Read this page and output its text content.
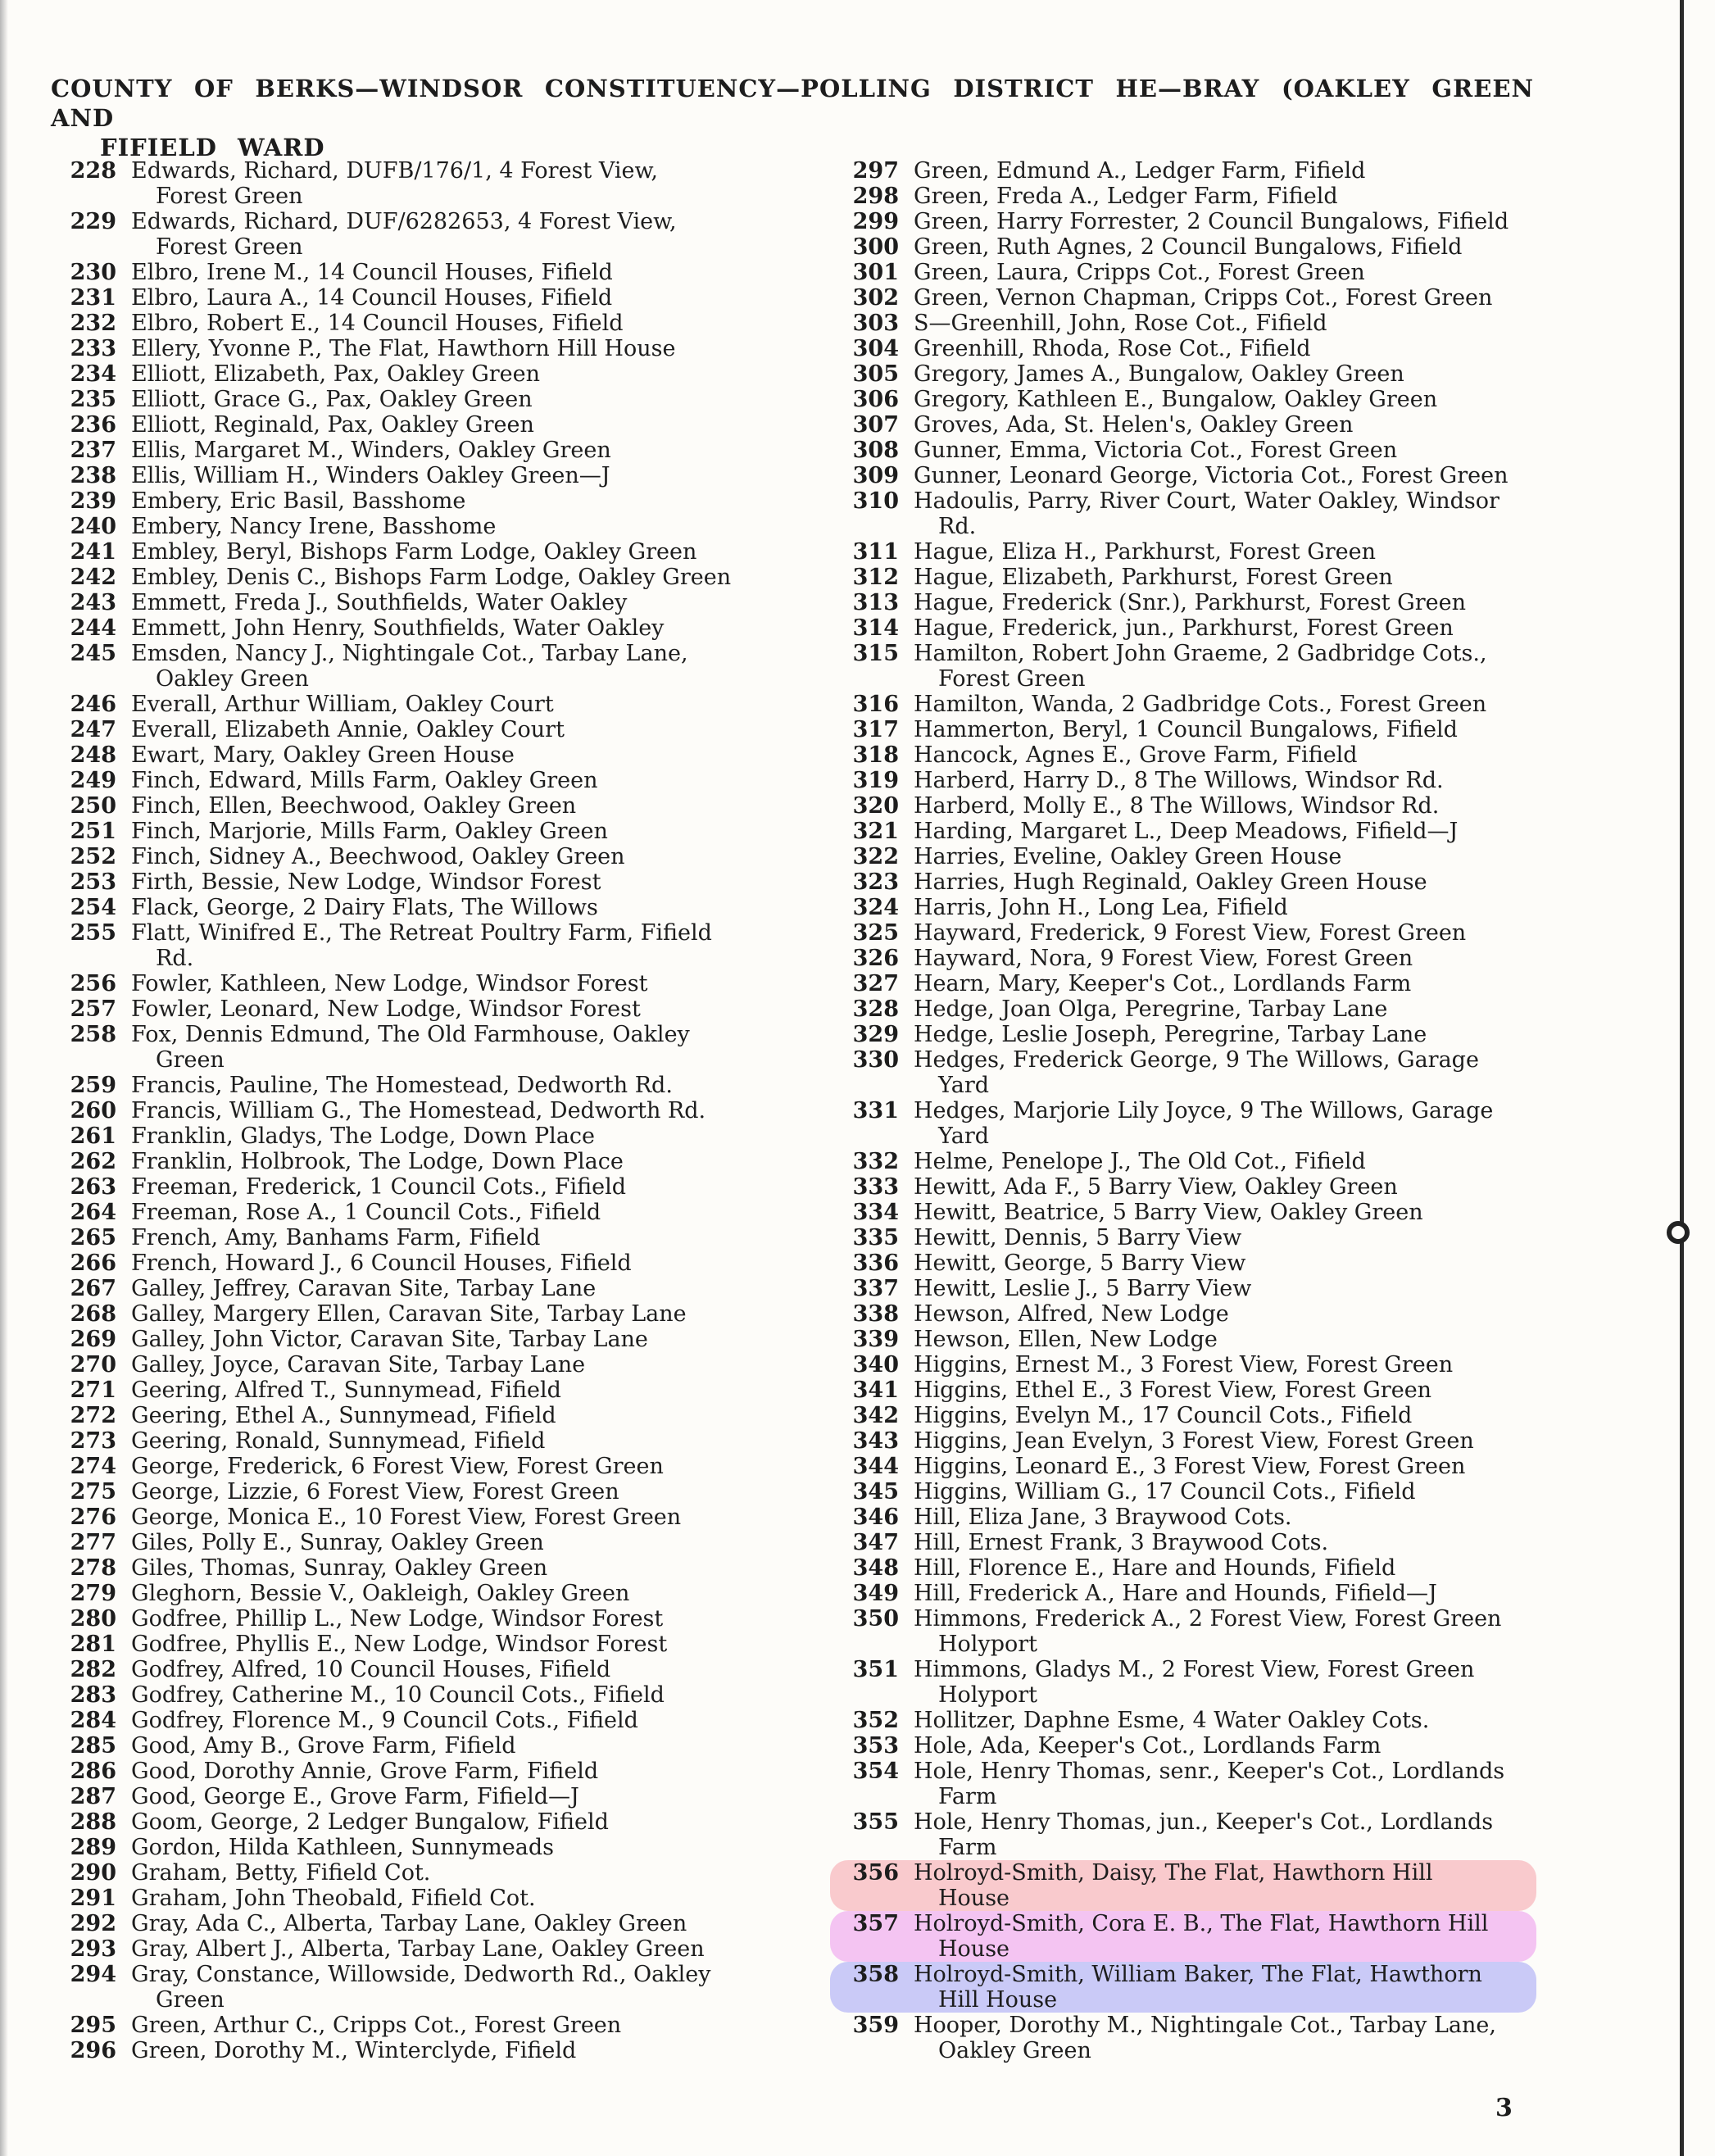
COUNTY OF BERKS—WINDSOR CONSTITUENCY—POLLING DISTRICT HE—BRAY (OAKLEY GREEN AND
FIFIELD WARD
228 Edwards, Richard, DUFB/176/1, 4 Forest View,
Forest Green
229 Edwards, Richard, DUF/6282653, 4 Forest View,
Forest Green
230 Elbro, Irene M., 14 Council Houses, Fifield
231 Elbro, Laura A., 14 Council Houses, Fifield
232 Elbro, Robert E., 14 Council Houses, Fifield
233 Ellery, Yvonne P., The Flat, Hawthorn Hill House
234 Elliott, Elizabeth, Pax, Oakley Green
235 Elliott, Grace G., Pax, Oakley Green
236 Elliott, Reginald, Pax, Oakley Green
237 Ellis, Margaret M., Winders, Oakley Green
238 Ellis, William H., Winders Oakley Green—J
239 Embery, Eric Basil, Basshome
240 Embery, Nancy Irene, Basshome
241 Embley, Beryl, Bishops Farm Lodge, Oakley Green
242 Embley, Denis C., Bishops Farm Lodge, Oakley Green
243 Emmett, Freda J., Southfields, Water Oakley
244 Emmett, John Henry, Southfields, Water Oakley
245 Emsden, Nancy J., Nightingale Cot., Tarbay Lane,
Oakley Green
246 Everall, Arthur William, Oakley Court
247 Everall, Elizabeth Annie, Oakley Court
248 Ewart, Mary, Oakley Green House
249 Finch, Edward, Mills Farm, Oakley Green
250 Finch, Ellen, Beechwood, Oakley Green
251 Finch, Marjorie, Mills Farm, Oakley Green
252 Finch, Sidney A., Beechwood, Oakley Green
253 Firth, Bessie, New Lodge, Windsor Forest
254 Flack, George, 2 Dairy Flats, The Willows
255 Flatt, Winifred E., The Retreat Poultry Farm, Fifield
Rd.
256 Fowler, Kathleen, New Lodge, Windsor Forest
257 Fowler, Leonard, New Lodge, Windsor Forest
258 Fox, Dennis Edmund, The Old Farmhouse, Oakley
Green
259 Francis, Pauline, The Homestead, Dedworth Rd.
260 Francis, William G., The Homestead, Dedworth Rd.
261 Franklin, Gladys, The Lodge, Down Place
262 Franklin, Holbrook, The Lodge, Down Place
263 Freeman, Frederick, 1 Council Cots., Fifield
264 Freeman, Rose A., 1 Council Cots., Fifield
265 French, Amy, Banhams Farm, Fifield
266 French, Howard J., 6 Council Houses, Fifield
267 Galley, Jeffrey, Caravan Site, Tarbay Lane
268 Galley, Margery Ellen, Caravan Site, Tarbay Lane
269 Galley, John Victor, Caravan Site, Tarbay Lane
270 Galley, Joyce, Caravan Site, Tarbay Lane
271 Geering, Alfred T., Sunnymead, Fifield
272 Geering, Ethel A., Sunnymead, Fifield
273 Geering, Ronald, Sunnymead, Fifield
274 George, Frederick, 6 Forest View, Forest Green
275 George, Lizzie, 6 Forest View, Forest Green
276 George, Monica E., 10 Forest View, Forest Green
277 Giles, Polly E., Sunray, Oakley Green
278 Giles, Thomas, Sunray, Oakley Green
279 Gleghorn, Bessie V., Oakleigh, Oakley Green
280 Godfree, Phillip L., New Lodge, Windsor Forest
281 Godfree, Phyllis E., New Lodge, Windsor Forest
282 Godfrey, Alfred, 10 Council Houses, Fifield
283 Godfrey, Catherine M., 10 Council Cots., Fifield
284 Godfrey, Florence M., 9 Council Cots., Fifield
285 Good, Amy B., Grove Farm, Fifield
286 Good, Dorothy Annie, Grove Farm, Fifield
287 Good, George E., Grove Farm, Fifield—J
288 Goom, George, 2 Ledger Bungalow, Fifield
289 Gordon, Hilda Kathleen, Sunnymeads
290 Graham, Betty, Fifield Cot.
291 Graham, John Theobald, Fifield Cot.
292 Gray, Ada C., Alberta, Tarbay Lane, Oakley Green
293 Gray, Albert J., Alberta, Tarbay Lane, Oakley Green
294 Gray, Constance, Willowside, Dedworth Rd., Oakley
Green
295 Green, Arthur C., Cripps Cot., Forest Green
296 Green, Dorothy M., Winterclyde, Fifield
297 Green, Edmund A., Ledger Farm, Fifield
298 Green, Freda A., Ledger Farm, Fifield
299 Green, Harry Forrester, 2 Council Bungalows, Fifield
300 Green, Ruth Agnes, 2 Council Bungalows, Fifield
301 Green, Laura, Cripps Cot., Forest Green
302 Green, Vernon Chapman, Cripps Cot., Forest Green
303 S—Greenhill, John, Rose Cot., Fifield
304 Greenhill, Rhoda, Rose Cot., Fifield
305 Gregory, James A., Bungalow, Oakley Green
306 Gregory, Kathleen E., Bungalow, Oakley Green
307 Groves, Ada, St. Helen's, Oakley Green
308 Gunner, Emma, Victoria Cot., Forest Green
309 Gunner, Leonard George, Victoria Cot., Forest Green
310 Hadoulis, Parry, River Court, Water Oakley, Windsor
Rd.
311 Hague, Eliza H., Parkhurst, Forest Green
312 Hague, Elizabeth, Parkhurst, Forest Green
313 Hague, Frederick (Snr.), Parkhurst, Forest Green
314 Hague, Frederick, jun., Parkhurst, Forest Green
315 Hamilton, Robert John Graeme, 2 Gadbridge Cots.,
Forest Green
316 Hamilton, Wanda, 2 Gadbridge Cots., Forest Green
317 Hammerton, Beryl, 1 Council Bungalows, Fifield
318 Hancock, Agnes E., Grove Farm, Fifield
319 Harberd, Harry D., 8 The Willows, Windsor Rd.
320 Harberd, Molly E., 8 The Willows, Windsor Rd.
321 Harding, Margaret L., Deep Meadows, Fifield—J
322 Harries, Eveline, Oakley Green House
323 Harries, Hugh Reginald, Oakley Green House
324 Harris, John H., Long Lea, Fifield
325 Hayward, Frederick, 9 Forest View, Forest Green
326 Hayward, Nora, 9 Forest View, Forest Green
327 Hearn, Mary, Keeper's Cot., Lordlands Farm
328 Hedge, Joan Olga, Peregrine, Tarbay Lane
329 Hedge, Leslie Joseph, Peregrine, Tarbay Lane
330 Hedges, Frederick George, 9 The Willows, Garage
Yard
331 Hedges, Marjorie Lily Joyce, 9 The Willows, Garage
Yard
332 Helme, Penelope J., The Old Cot., Fifield
333 Hewitt, Ada F., 5 Barry View, Oakley Green
334 Hewitt, Beatrice, 5 Barry View, Oakley Green
335 Hewitt, Dennis, 5 Barry View
336 Hewitt, George, 5 Barry View
337 Hewitt, Leslie J., 5 Barry View
338 Hewson, Alfred, New Lodge
339 Hewson, Ellen, New Lodge
340 Higgins, Ernest M., 3 Forest View, Forest Green
341 Higgins, Ethel E., 3 Forest View, Forest Green
342 Higgins, Evelyn M., 17 Council Cots., Fifield
343 Higgins, Jean Evelyn, 3 Forest View, Forest Green
344 Higgins, Leonard E., 3 Forest View, Forest Green
345 Higgins, William G., 17 Council Cots., Fifield
346 Hill, Eliza Jane, 3 Braywood Cots.
347 Hill, Ernest Frank, 3 Braywood Cots.
348 Hill, Florence E., Hare and Hounds, Fifield
349 Hill, Frederick A., Hare and Hounds, Fifield—J
350 Himmons, Frederick A., 2 Forest View, Forest Green
Holyport
351 Himmons, Gladys M., 2 Forest View, Forest Green
Holyport
352 Hollitzer, Daphne Esme, 4 Water Oakley Cots.
353 Hole, Ada, Keeper's Cot., Lordlands Farm
354 Hole, Henry Thomas, senr., Keeper's Cot., Lordlands
Farm
355 Hole, Henry Thomas, jun., Keeper's Cot., Lordlands
Farm
356 Holroyd-Smith, Daisy, The Flat, Hawthorn Hill
House
357 Holroyd-Smith, Cora E. B., The Flat, Hawthorn Hill
House
358 Holroyd-Smith, William Baker, The Flat, Hawthorn
Hill House
359 Hooper, Dorothy M., Nightingale Cot., Tarbay Lane,
Oakley Green
3
